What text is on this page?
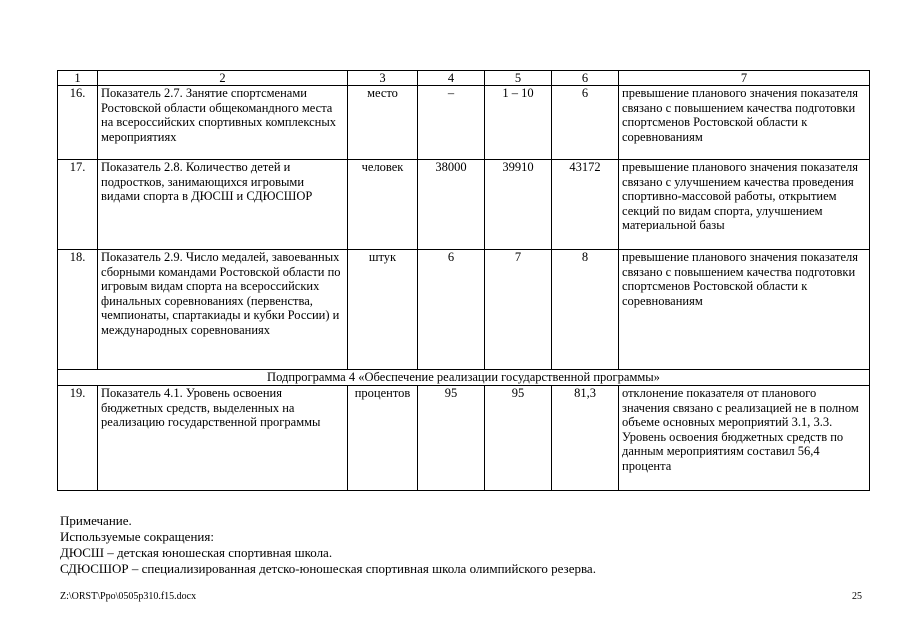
1	2	3	4	5	6	7
16.	Показатель 2.7. Занятие спортсменами Ростовской области общекомандного места на всероссийских спортивных комплексных мероприятиях	место	–	1 – 10	6	превышение планового значения показателя связано с повышением качества подготовки спортсменов Ростовской области к соревнованиям
17.	Показатель 2.8. Количество детей и подростков, занимающихся игровыми видами спорта в ДЮСШ и СДЮСШОР	человек	38000	39910	43172	превышение планового значения показателя связано с улучшением качества проведения спортивно-массовой работы, открытием секций по видам спорта, улучшением материальной базы
18.	Показатель 2.9. Число медалей, завоеванных сборными командами Ростовской области по игровым видам спорта на всероссийских финальных соревнованиях (первенства, чемпионаты, спартакиады и кубки России) и международных соревнованиях	штук	6	7	8	превышение планового значения показателя связано с повышением качества подготовки спортсменов Ростовской области к соревнованиям
Подпрограмма 4 «Обеспечение реализации государственной программы»						
19.	Показатель 4.1. Уровень освоения бюджетных средств, выделенных на реализацию государственной программы	процентов	95	95	81,3	отклонение показателя от планового значения связано с реализацией не в полном объеме основных мероприятий 3.1, 3.3. Уровень освоения бюджетных средств по данным мероприятиям составил 56,4 процента
Примечание.
Используемые сокращения:
ДЮСШ – детская юношеская спортивная школа.
СДЮСШОР – специализированная детско-юношеская спортивная школа олимпийского резерва.
Z:\ORST\Ppo\0505p310.f15.docx	25
